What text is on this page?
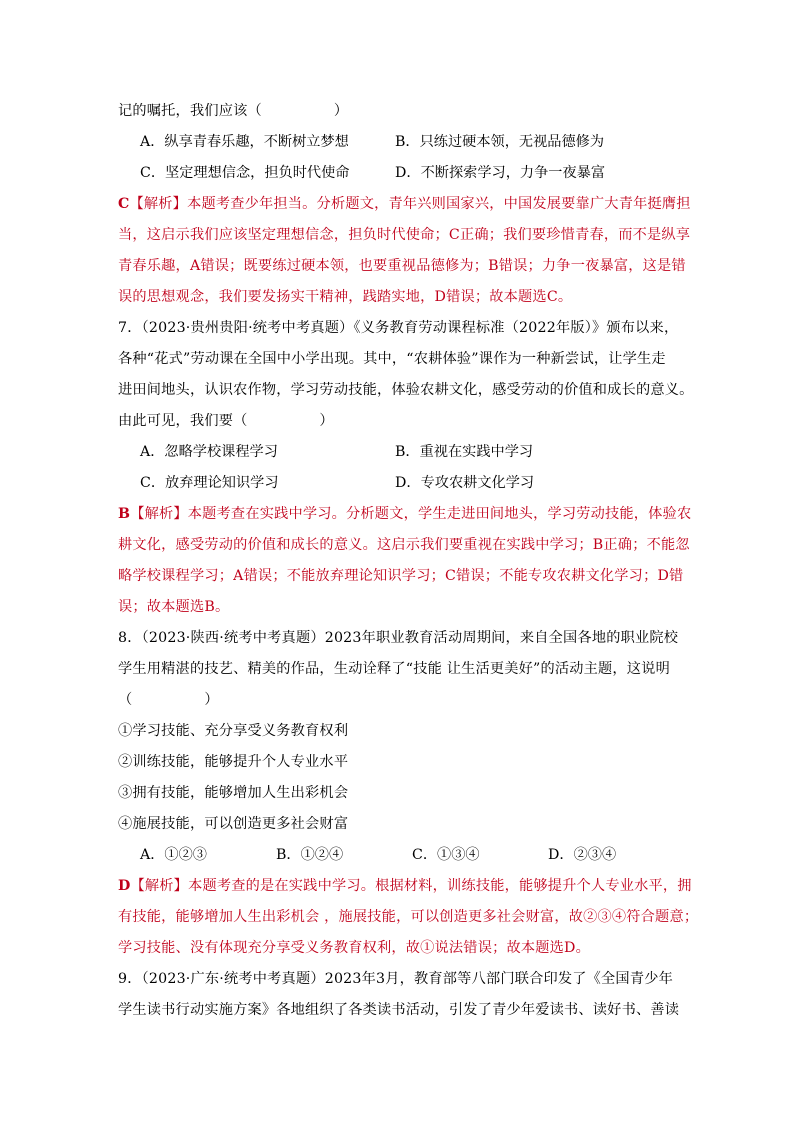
记的嘱托，我们应该（　　　　　）
A．纵享青春乐趣，不断树立梦想	B．只练过硬本领，无视品德修为
C．坚定理想信念，担负时代使命	D．不断探索学习，力争一夜暴富
C【解析】本题考查少年担当。分析题文，青年兴则国家兴，中国发展要靠广大青年挺膺担
当，这启示我们应该坚定理想信念，担负时代使命；C正确；我们要珍惜青春，而不是纵享
青春乐趣，A错误；既要练过硬本领，也要重视品德修为；B错误；力争一夜暴富，这是错
误的思想观念，我们要发扬实干精神，践踏实地，D错误；故本题选C。
7．（2023·贵州贵阳·统考中考真题）《义务教育劳动课程标准（2022年版）》颁布以来，
各种“花式”劳动课在全国中小学出现。其中，“农耕体验”课作为一种新尝试，让学生走
进田间地头，认识农作物，学习劳动技能，体验农耕文化，感受劳动的价值和成长的意义。
由此可见，我们要（　　　　　）
A．忽略学校课程学习	B．重视在实践中学习
C．放弃理论知识学习	D．专攻农耕文化学习
B【解析】本题考查在实践中学习。分析题文，学生走进田间地头，学习劳动技能，体验农
耕文化，感受劳动的价值和成长的意义。这启示我们要重视在实践中学习；B正确；不能忽
略学校课程学习；A错误；不能放弃理论知识学习；C错误；不能专攻农耕文化学习；D错
误；故本题选B。
8．（2023·陕西·统考中考真题）2023年职业教育活动周期间，来自全国各地的职业院校
学生用精湛的技艺、精美的作品，生动诠释了“技能 让生活更美好”的活动主题，这说明
（　　　　　）
①学习技能、充分享受义务教育权利
②训练技能，能够提升个人专业水平
③拥有技能，能够增加人生出彩机会
④施展技能，可以创造更多社会财富
A．①②③	B．①②④	C．①③④	D．②③④
D【解析】本题考查的是在实践中学习。根据材料，训练技能，能够提升个人专业水平，拥
有技能，能够增加人生出彩机会 ，施展技能，可以创造更多社会财富，故②③④符合题意；
学习技能、没有体现充分享受义务教育权利，故①说法错误；故本题选D。
9．（2023·广东·统考中考真题）2023年3月，教育部等八部门联合印发了《全国青少年
学生读书行动实施方案》各地组织了各类读书活动，引发了青少年爱读书、读好书、善读
